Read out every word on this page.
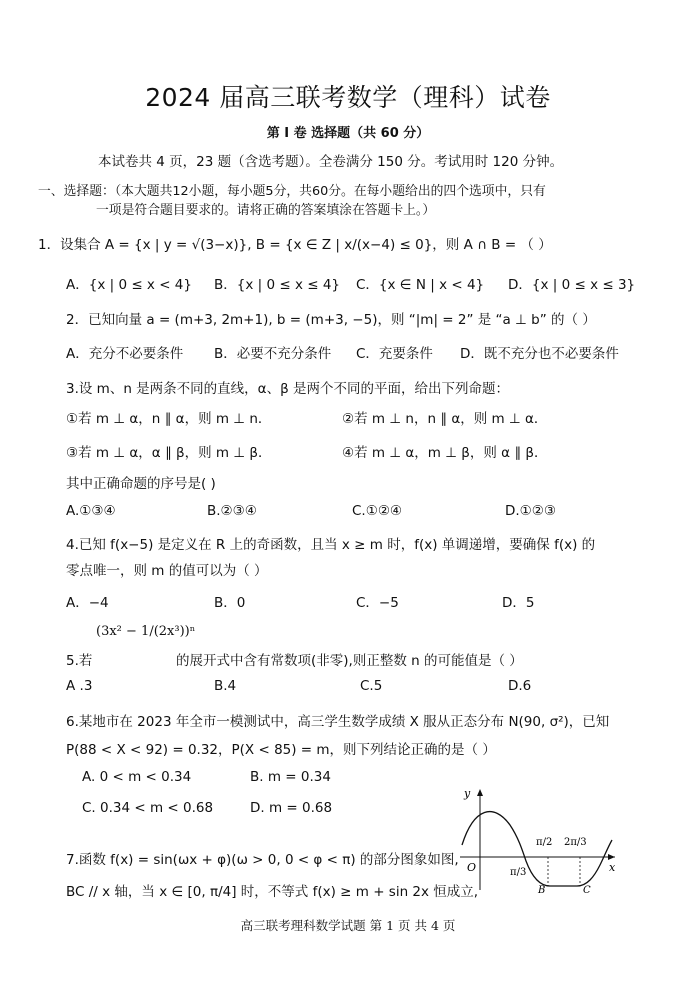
2024 届高三联考数学（理科）试卷
第 I 卷 选择题（共 60 分）
本试卷共 4 页，23 题（含选考题）。全卷满分 150 分。考试用时 120 分钟。
一、选择题：（本大题共12小题，每小题5分，共60分。在每小题给出的四个选项中，只有
一项是符合题目要求的。请将正确的答案填涂在答题卡上。）
1．设集合 A = {x | y = √(3−x)}, B = {x ∈ Z | x/(x−4) ≤ 0}，则 A ∩ B = （ ）
A．{x | 0 ≤ x < 4} B．{x | 0 ≤ x ≤ 4} C．{x ∈ N | x < 4} D．{x | 0 ≤ x ≤ 3}
2．已知向量 a = (m+3, 2m+1), b = (m+3, −5)，则 “|m| = 2” 是 “a ⊥ b” 的（ ）
A．充分不必要条件 B．必要不充分条件 C．充要条件 D．既不充分也不必要条件
3.设 m、n 是两条不同的直线，α、β 是两个不同的平面，给出下列命题：
①若 m ⊥ α，n ∥ α，则 m ⊥ n．	②若 m ⊥ n，n ∥ α，则 m ⊥ α．
③若 m ⊥ α，α ∥ β，则 m ⊥ β．	④若 m ⊥ α，m ⊥ β，则 α ∥ β．
其中正确命题的序号是( )
A.①③④	B.②③④	C.①②④	D.①②③
4.已知 f(x−5) 是定义在 R 上的奇函数，且当 x ≥ m 时，f(x) 单调递增，要确保 f(x) 的
零点唯一，则 m 的值可以为（ ）
A．−4	B．0	C．−5	D．5
(3x² − 1/(2x³))ⁿ
5.若	的展开式中含有常数项(非零),则正整数 n 的可能值是（ ）
A .3	B.4	C.5	D.6
6.某地市在 2023 年全市一模测试中，高三学生数学成绩 X 服从正态分布 N(90, σ²)，已知
P(88 < X < 92) = 0.32，P(X < 85) = m，则下列结论正确的是（ ）
A. 0 < m < 0.34	B. m = 0.34
C. 0.34 < m < 0.68	D. m = 0.68
7.函数 f(x) = sin(ωx + φ)(ω > 0, 0 < φ < π) 的部分图象如图,
BC // x 轴，当 x ∈ [0, π/4] 时，不等式 f(x) ≥ m + sin 2x 恒成立,
y
x
O
π/2 2π/3
π/3
B	C
高三联考理科数学试题 第 1 页 共 4 页
